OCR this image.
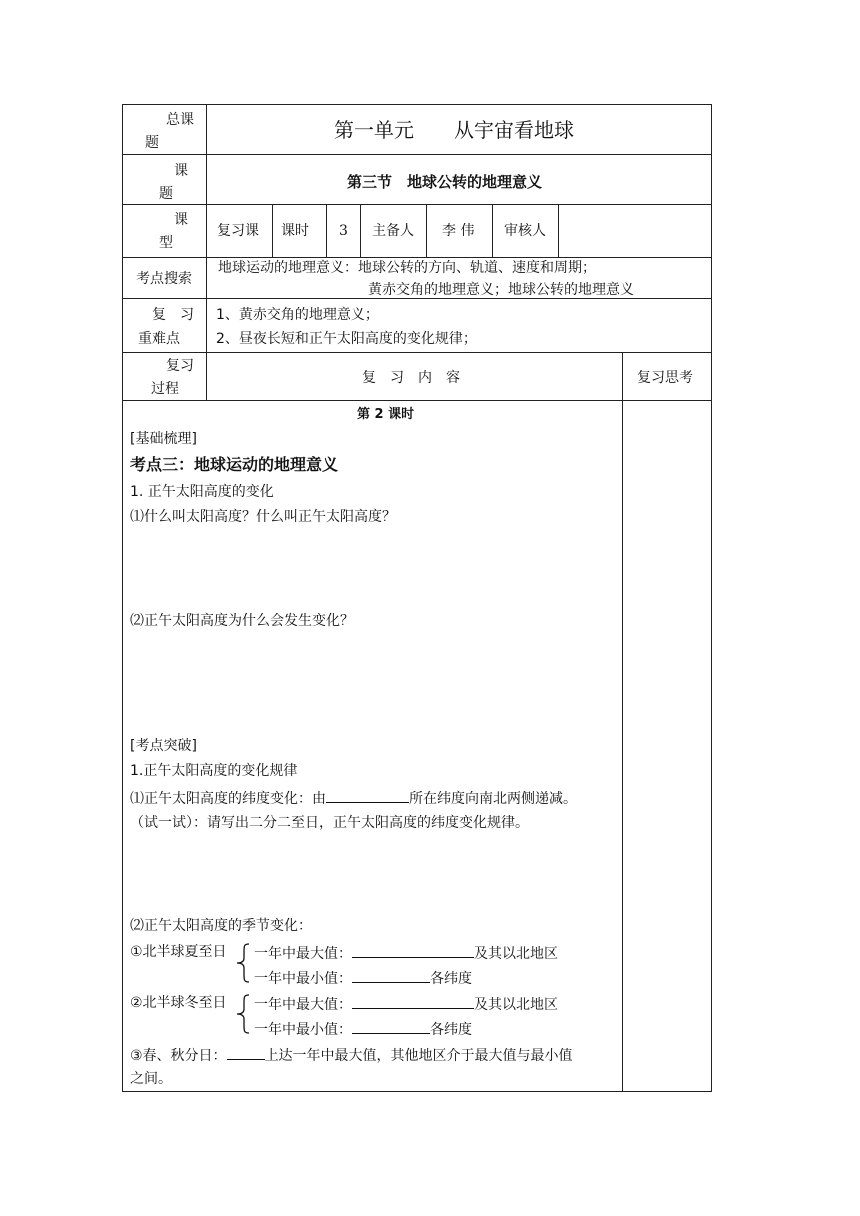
总课
题
第一单元　　从宇宙看地球
课
题
第三节　地球公转的地理意义
课
型
复习课 课时 3 主备人 李 伟 审核人
考点搜索
地球运动的地理意义：地球公转的方向、轨道、速度和周期；
黄赤交角的地理意义；地球公转的地理意义
复　习
重难点
1、黄赤交角的地理意义；
2、昼夜长短和正午太阳高度的变化规律；
复习
过程
复　习　内　容	复习思考
第 2 课时
[基础梳理]
考点三：地球运动的地理意义
1. 正午太阳高度的变化
⑴什么叫太阳高度？什么叫正午太阳高度？
⑵正午太阳高度为什么会发生变化？
[考点突破]
1.正午太阳高度的变化规律
⑴正午太阳高度的纬度变化：由	所在纬度向南北两侧递减。
（试一试）：请写出二分二至日，正午太阳高度的纬度变化规律。
⑵正午太阳高度的季节变化：
①北半球夏至日 一年中最大值：	及其以北地区
一年中最小值：	各纬度
②北半球冬至日 一年中最大值：	及其以北地区
一年中最小值：	各纬度
③春、秋分日：	上达一年中最大值，其他地区介于最大值与最小值
之间。
